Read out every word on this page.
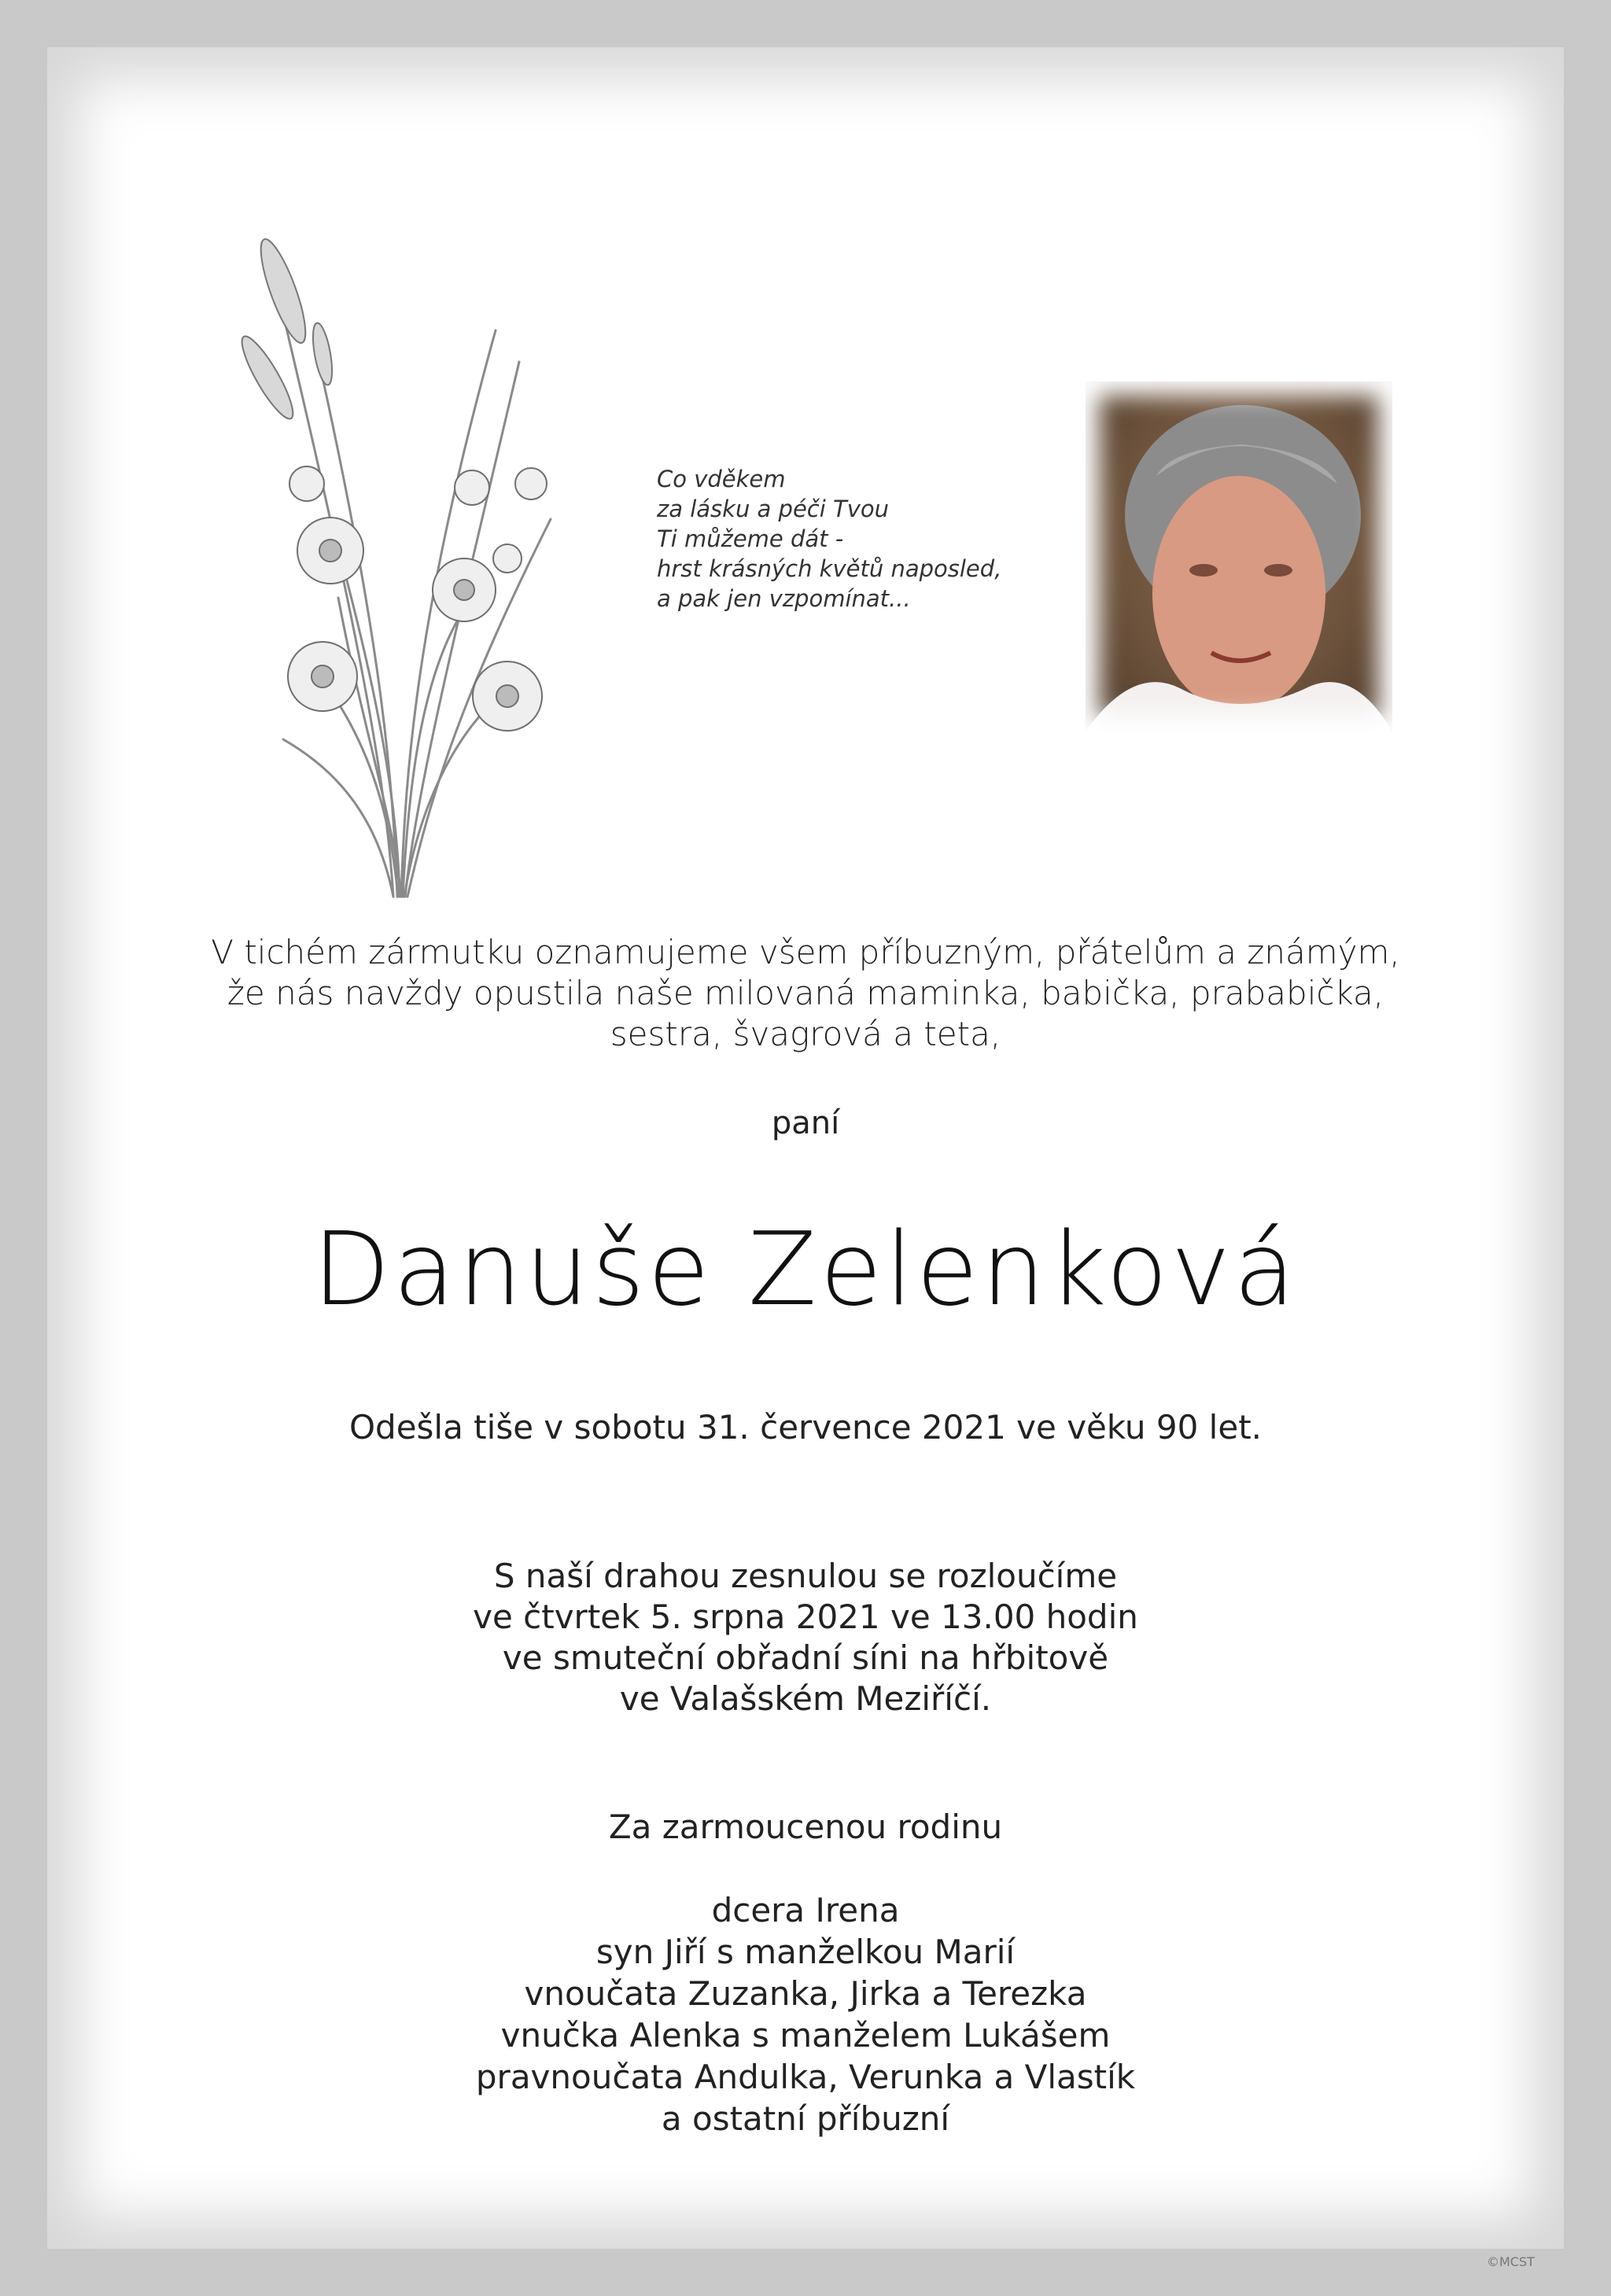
Co vděkem
za lásku a péči Tvou
Ti můžeme dát -
hrst krásných květů naposled,
a pak jen vzpomínat...
V tichém zármutku oznamujeme všem příbuzným, přátelům a známým,
že nás navždy opustila naše milovaná maminka, babička, prababička,
sestra, švagrová a teta,
paní
Danuše Zelenková
Odešla tiše v sobotu 31. července 2021 ve věku 90 let.
S naší drahou zesnulou se rozloučíme
ve čtvrtek 5. srpna 2021 ve 13.00 hodin
ve smuteční obřadní síni na hřbitově
ve Valašském Meziříčí.
Za zarmoucenou rodinu
dcera Irena
syn Jiří s manželkou Marií
vnoučata Zuzanka, Jirka a Terezka
vnučka Alenka s manželem Lukášem
pravnoučata Andulka, Verunka a Vlastík
a ostatní příbuzní
©MCST
